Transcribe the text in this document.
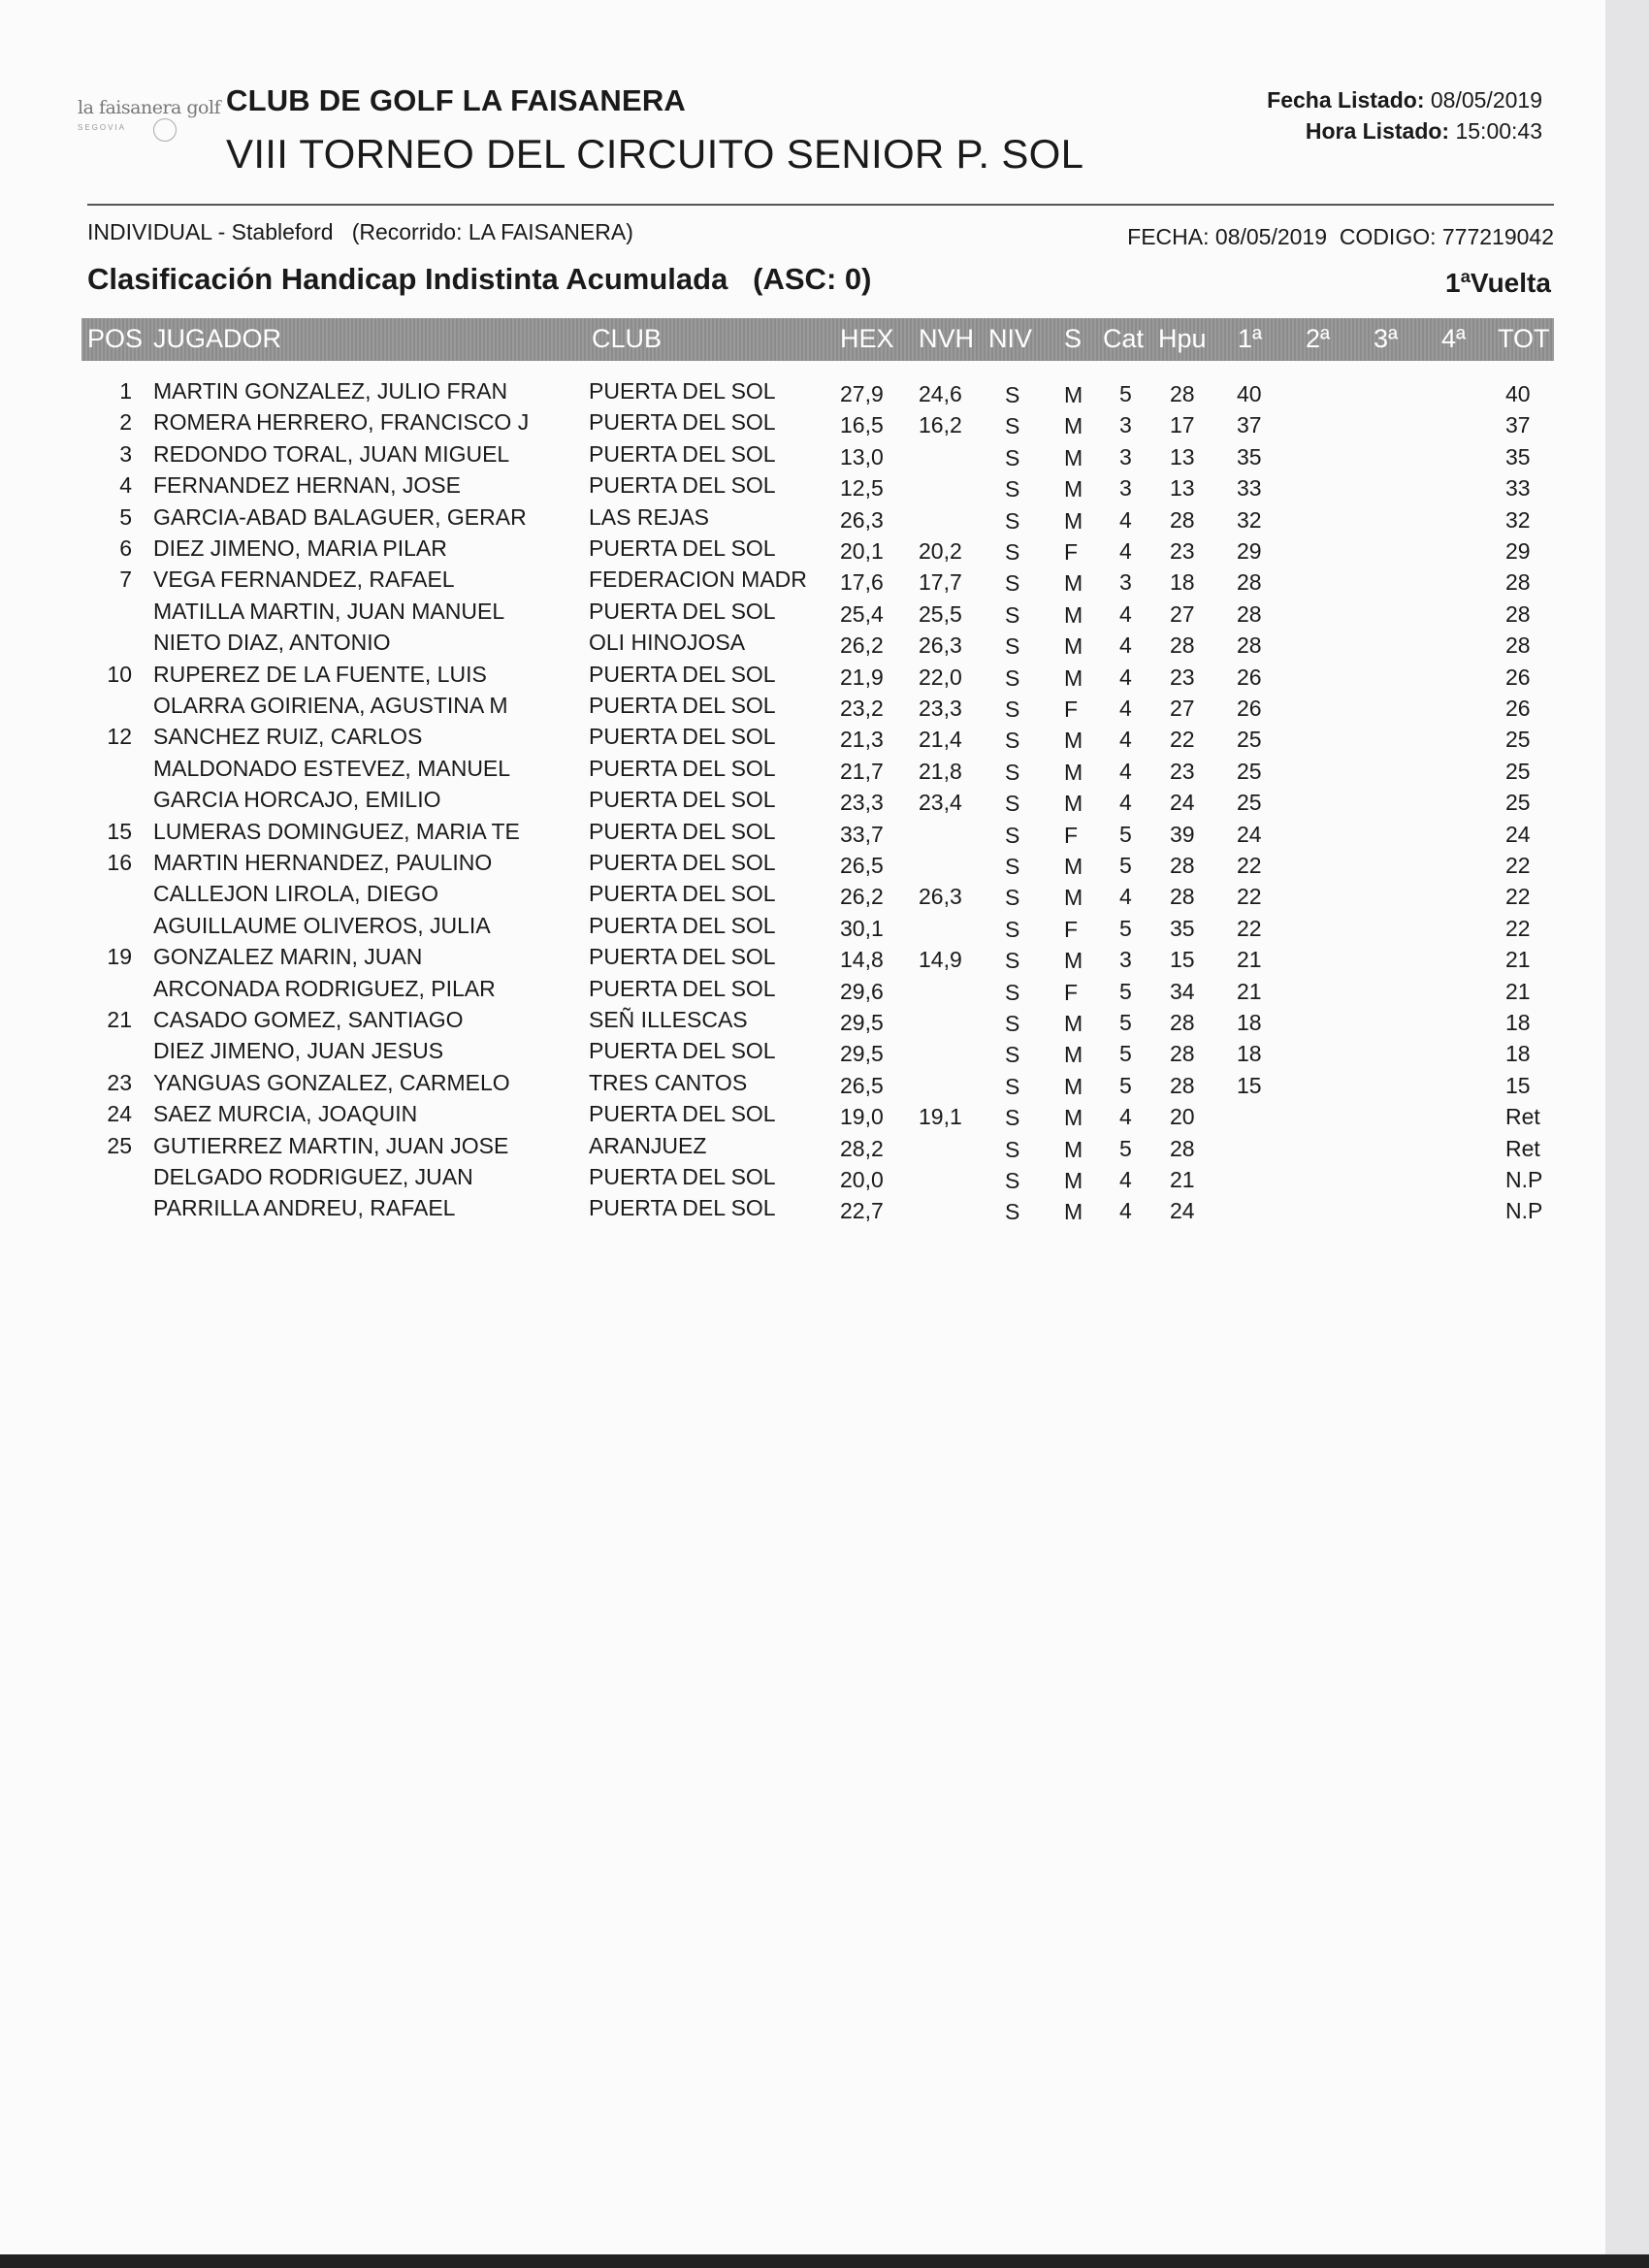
la faisanera golf
SEGOVIA
CLUB DE GOLF LA FAISANERA
VIII TORNEO DEL CIRCUITO SENIOR P. SOL
Fecha Listado: 08/05/2019
Hora Listado: 15:00:43
INDIVIDUAL - Stableford (Recorrido: LA FAISANERA)	FECHA: 08/05/2019 CODIGO: 777219042
Clasificación Handicap Indistinta Acumulada (ASC: 0)	1ªVuelta
POS JUGADOR	CLUB	HEX NVH NIV S Cat Hpu 1ª 2ª 3ª 4ª TOT
1 MARTIN GONZALEZ, JULIO FRAN	PUERTA DEL SOL	27,9 24,6 S M 5 28 40	40
2 ROMERA HERRERO, FRANCISCO J	PUERTA DEL SOL	16,5 16,2 S M 3 17 37	37
3 REDONDO TORAL, JUAN MIGUEL	PUERTA DEL SOL	13,0	S M 3 13 35	35
4 FERNANDEZ HERNAN, JOSE	PUERTA DEL SOL	12,5	S M 3 13 33	33
5 GARCIA-ABAD BALAGUER, GERAR	LAS REJAS	26,3	S M 4 28 32	32
6 DIEZ JIMENO, MARIA PILAR	PUERTA DEL SOL	20,1 20,2 S F 4 23 29	29
7 VEGA FERNANDEZ, RAFAEL	FEDERACION MADR	17,6 17,7 S M 3 18 28	28
MATILLA MARTIN, JUAN MANUEL	PUERTA DEL SOL	25,4 25,5 S M 4 27 28	28
NIETO DIAZ, ANTONIO	OLI HINOJOSA	26,2 26,3 S M 4 28 28	28
10 RUPEREZ DE LA FUENTE, LUIS	PUERTA DEL SOL	21,9 22,0 S M 4 23 26	26
OLARRA GOIRIENA, AGUSTINA M	PUERTA DEL SOL	23,2 23,3 S F 4 27 26	26
12 SANCHEZ RUIZ, CARLOS	PUERTA DEL SOL	21,3 21,4 S M 4 22 25	25
MALDONADO ESTEVEZ, MANUEL	PUERTA DEL SOL	21,7 21,8 S M 4 23 25	25
GARCIA HORCAJO, EMILIO	PUERTA DEL SOL	23,3 23,4 S M 4 24 25	25
15 LUMERAS DOMINGUEZ, MARIA TE	PUERTA DEL SOL	33,7	S F 5 39 24	24
16 MARTIN HERNANDEZ, PAULINO	PUERTA DEL SOL	26,5	S M 5 28 22	22
CALLEJON LIROLA, DIEGO	PUERTA DEL SOL	26,2 26,3 S M 4 28 22	22
AGUILLAUME OLIVEROS, JULIA	PUERTA DEL SOL	30,1	S F 5 35 22	22
19 GONZALEZ MARIN, JUAN	PUERTA DEL SOL	14,8 14,9 S M 3 15 21	21
ARCONADA RODRIGUEZ, PILAR	PUERTA DEL SOL	29,6	S F 5 34 21	21
21 CASADO GOMEZ, SANTIAGO	SEÑ ILLESCAS	29,5	S M 5 28 18	18
DIEZ JIMENO, JUAN JESUS	PUERTA DEL SOL	29,5	S M 5 28 18	18
23 YANGUAS GONZALEZ, CARMELO	TRES CANTOS	26,5	S M 5 28 15	15
24 SAEZ MURCIA, JOAQUIN	PUERTA DEL SOL	19,0 19,1 S M 4 20	Ret
25 GUTIERREZ MARTIN, JUAN JOSE	ARANJUEZ	28,2	S M 5 28	Ret
DELGADO RODRIGUEZ, JUAN	PUERTA DEL SOL	20,0	S M 4 21	N.P
PARRILLA ANDREU, RAFAEL	PUERTA DEL SOL	22,7	S M 4 24	N.P
